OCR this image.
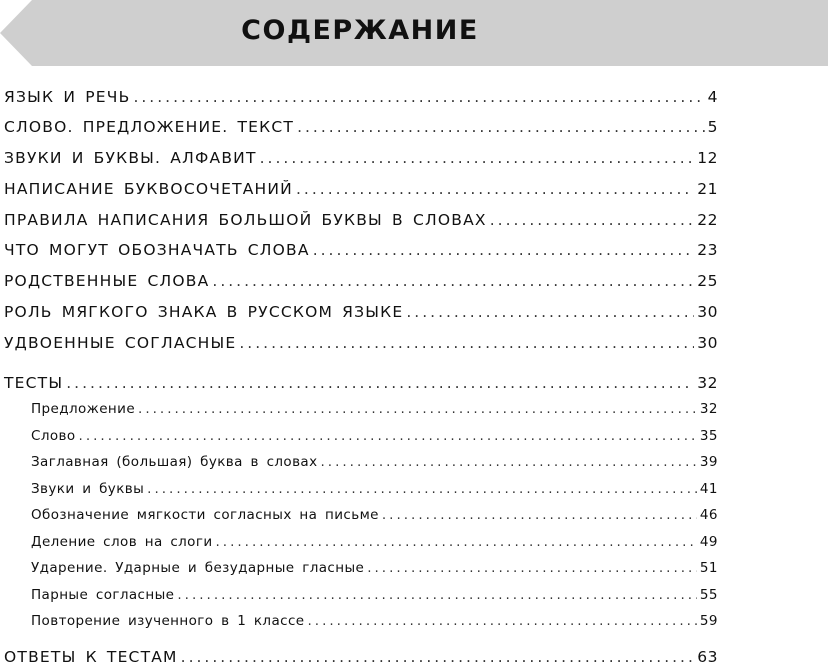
СОДЕРЖАНИЕ
ЯЗЫК И РЕЧЬ .....	4
СЛОВО. ПРЕДЛОЖЕНИЕ. ТЕКСТ .....	5
ЗВУКИ И БУКВЫ. АЛФАВИТ .....	12
НАПИСАНИЕ БУКВОСОЧЕТАНИЙ .....	21
ПРАВИЛА НАПИСАНИЯ БОЛЬШОЙ БУКВЫ В СЛОВАХ .....	22
ЧТО МОГУТ ОБОЗНАЧАТЬ СЛОВА .....	23
РОДСТВЕННЫЕ СЛОВА .....	25
РОЛЬ МЯГКОГО ЗНАКА В РУССКОМ ЯЗЫКЕ .....	30
УДВОЕННЫЕ СОГЛАСНЫЕ .....	30
ТЕСТЫ .....	32
Предложение .....	32
Слово .....	35
Заглавная (большая) буква в словах .....	39
Звуки и буквы .....	41
Обозначение мягкости согласных на письме .....	46
Деление слов на слоги .....	49
Ударение. Ударные и безударные гласные .....	51
Парные согласные .....	55
Повторение изученного в 1 классе .....	59
ОТВЕТЫ К ТЕСТАМ .....	63
